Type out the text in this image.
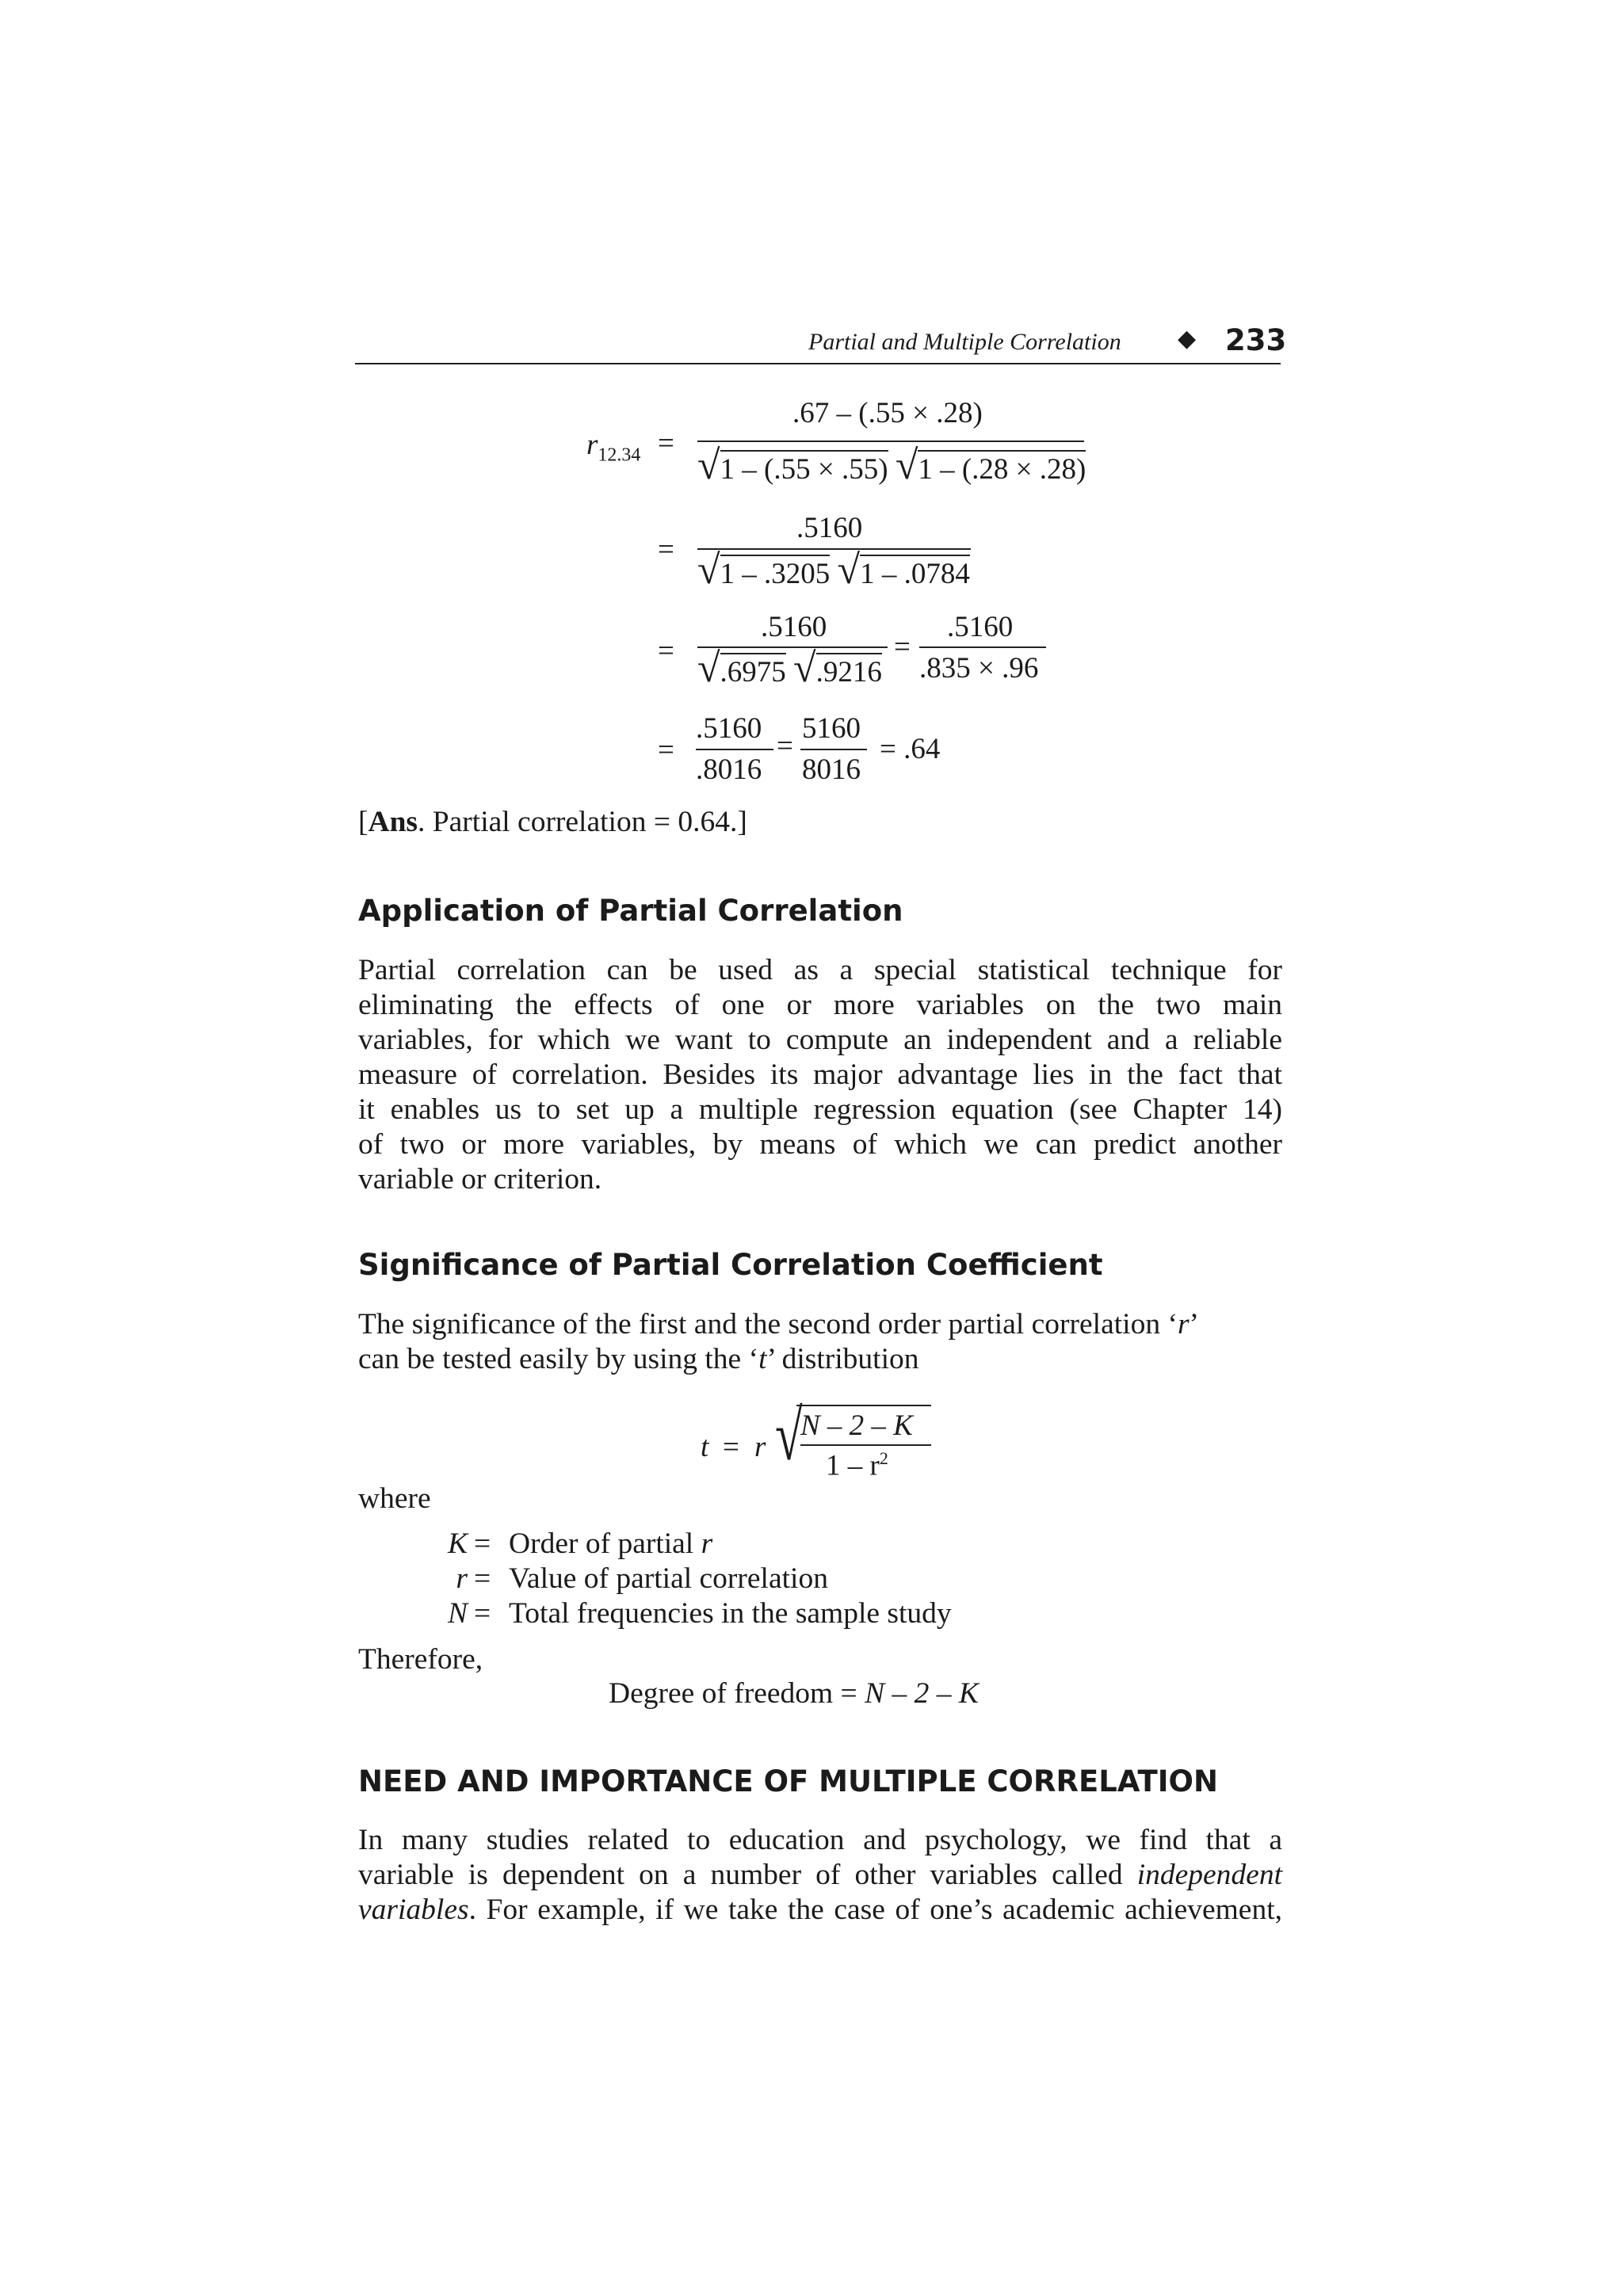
Partial and Multiple Correlation ◆ 233
$r_{12.34}$ =
.67 – (.55 × .28)
√1 – (.55 × .55) √1 – (.28 × .28)
=
.5160
√1 – .3205 √1 – .0784
=
.5160
√.6975 √.9216
=
.5160
.835 × .96
=
.5160
.8016
=
5160
8016
= .64
[Ans. Partial correlation = 0.64.]
Application of Partial Correlation
Partial correlation can be used as a special statistical technique for
eliminating the effects of one or more variables on the two main
variables, for which we want to compute an independent and a reliable
measure of correlation. Besides its major advantage lies in the fact that
it enables us to set up a multiple regression equation (see Chapter 14)
of two or more variables, by means of which we can predict another
variable or criterion.
Significance of Partial Correlation Coefficient
The significance of the first and the second order partial correlation ‘r’
can be tested easily by using the ‘t’ distribution
t = r √
N – 2 – K
$1 - r^2$
where
K = Order of partial r
r = Value of partial correlation
N = Total frequencies in the sample study
Therefore,
Degree of freedom = N – 2 – K
NEED AND IMPORTANCE OF MULTIPLE CORRELATION
In many studies related to education and psychology, we find that a
variable is dependent on a number of other variables called independent
variables. For example, if we take the case of one’s academic achievement,
